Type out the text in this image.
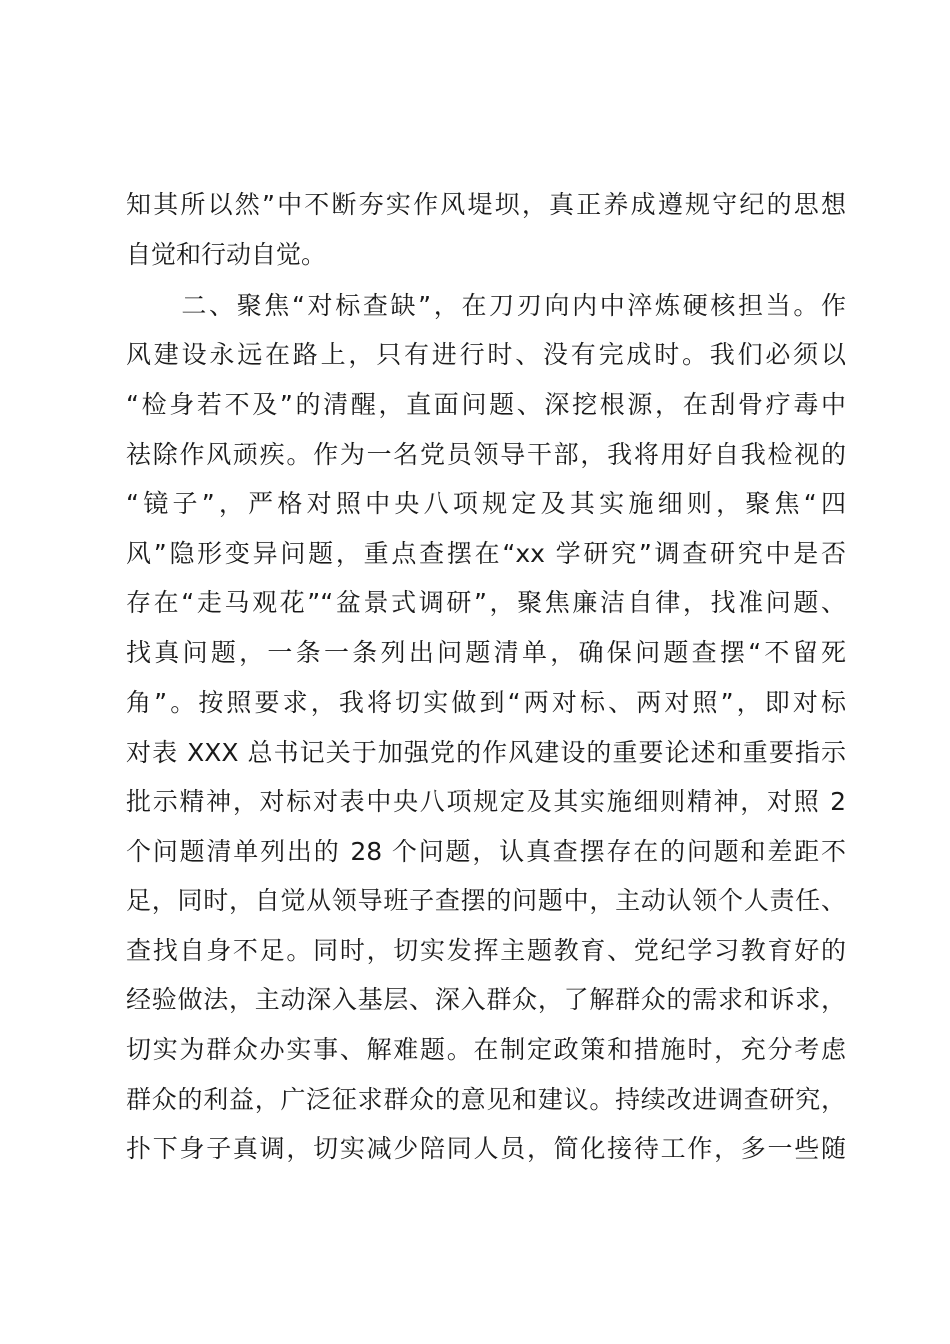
知其所以然”中不断夯实作风堤坝，真正养成遵规守纪的思想
自觉和行动自觉。
　　二、聚焦“对标查缺”，在刀刃向内中淬炼硬核担当。作
风建设永远在路上，只有进行时、没有完成时。我们必须以
“检身若不及”的清醒，直面问题、深挖根源，在刮骨疗毒中
祛除作风顽疾。作为一名党员领导干部，我将用好自我检视的
“镜子”，严格对照中央八项规定及其实施细则，聚焦“四
风”隐形变异问题，重点查摆在“xx 学研究”调查研究中是否
存在“走马观花”“盆景式调研”，聚焦廉洁自律，找准问题、
找真问题，一条一条列出问题清单，确保问题查摆“不留死
角”。按照要求，我将切实做到“两对标、两对照”，即对标
对表 XXX 总书记关于加强党的作风建设的重要论述和重要指示
批示精神，对标对表中央八项规定及其实施细则精神，对照 2
个问题清单列出的 28 个问题，认真查摆存在的问题和差距不
足，同时，自觉从领导班子查摆的问题中，主动认领个人责任、
查找自身不足。同时，切实发挥主题教育、党纪学习教育好的
经验做法，主动深入基层、深入群众，了解群众的需求和诉求，
切实为群众办实事、解难题。在制定政策和措施时，充分考虑
群众的利益，广泛征求群众的意见和建议。持续改进调查研究，
扑下身子真调，切实减少陪同人员，简化接待工作，多一些随
